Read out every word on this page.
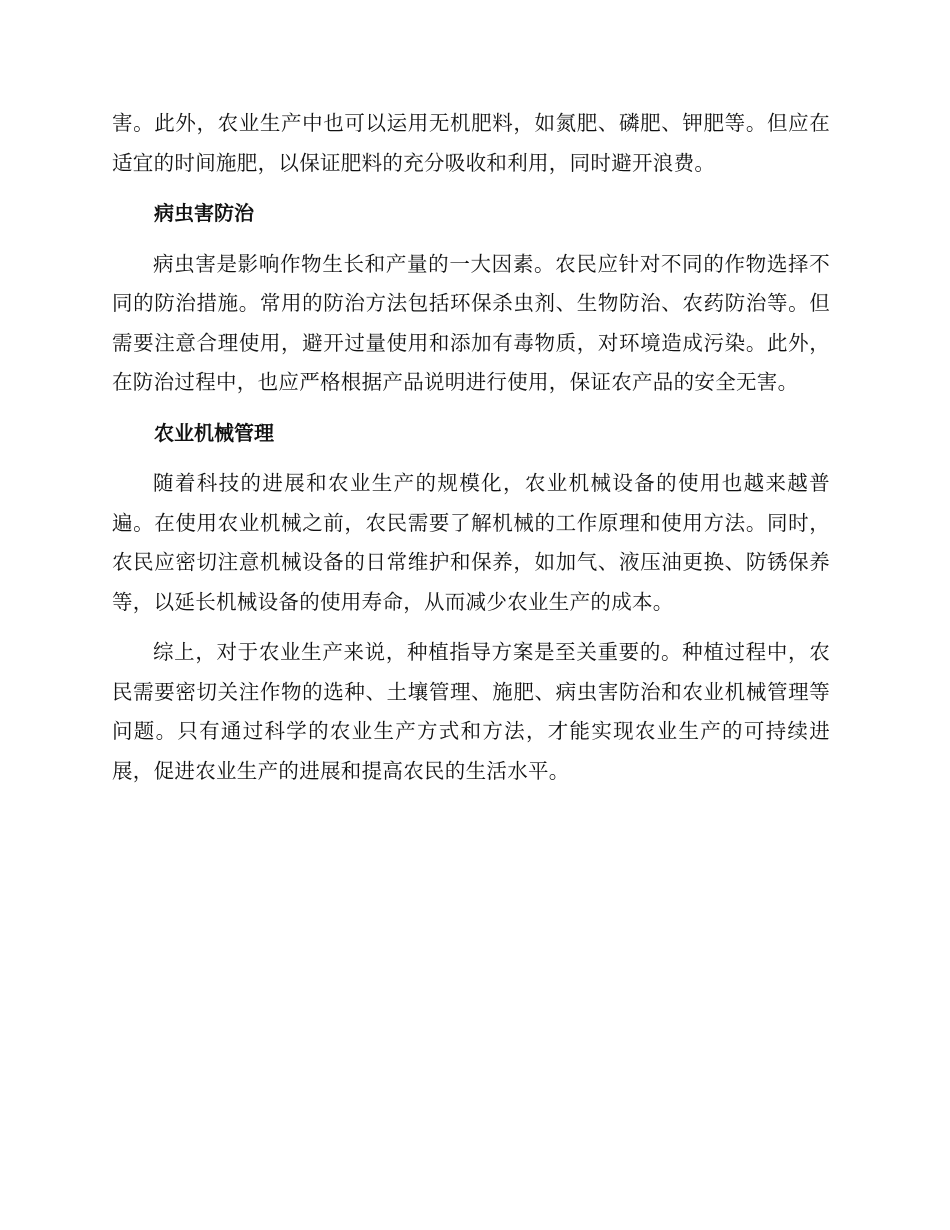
害。此外，农业生产中也可以运用无机肥料，如氮肥、磷肥、钾肥等。但应在适宜的时间施肥，以保证肥料的充分吸收和利用，同时避开浪费。

病虫害防治

病虫害是影响作物生长和产量的一大因素。农民应针对不同的作物选择不同的防治措施。常用的防治方法包括环保杀虫剂、生物防治、农药防治等。但需要注意合理使用，避开过量使用和添加有毒物质，对环境造成污染。此外，在防治过程中，也应严格根据产品说明进行使用，保证农产品的安全无害。

农业机械管理

随着科技的进展和农业生产的规模化，农业机械设备的使用也越来越普遍。在使用农业机械之前，农民需要了解机械的工作原理和使用方法。同时，农民应密切注意机械设备的日常维护和保养，如加气、液压油更换、防锈保养等，以延长机械设备的使用寿命，从而减少农业生产的成本。

综上，对于农业生产来说，种植指导方案是至关重要的。种植过程中，农民需要密切关注作物的选种、土壤管理、施肥、病虫害防治和农业机械管理等问题。只有通过科学的农业生产方式和方法，才能实现农业生产的可持续进展，促进农业生产的进展和提高农民的生活水平。
